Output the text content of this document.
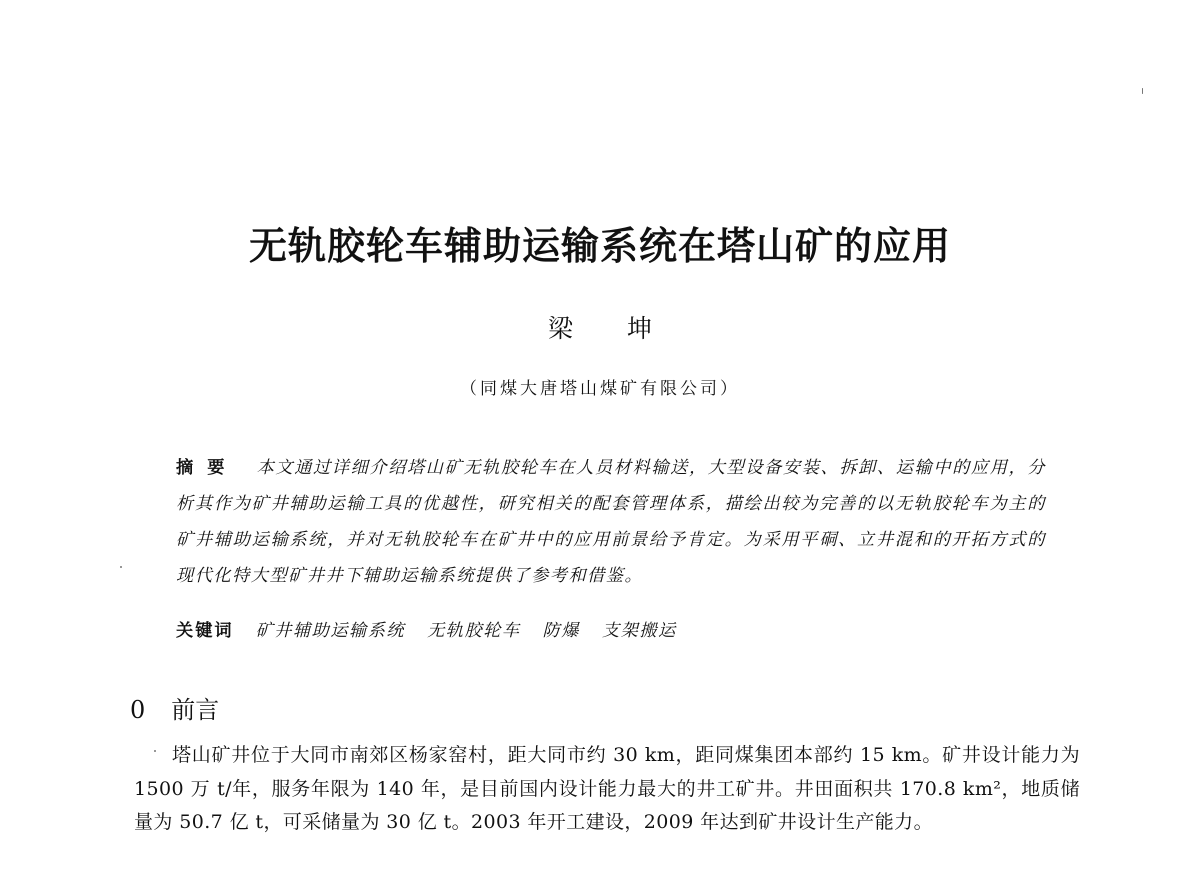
无轨胶轮车辅助运输系统在塔山矿的应用
梁 坤
（同煤大唐塔山煤矿有限公司）
摘要 本文通过详细介绍塔山矿无轨胶轮车在人员材料输送，大型设备安装、拆卸、运输中的应用，分析其作为矿井辅助运输工具的优越性，研究相关的配套管理体系，描绘出较为完善的以无轨胶轮车为主的矿井辅助运输系统，并对无轨胶轮车在矿井中的应用前景给予肯定。为采用平硐、立井混和的开拓方式的现代化特大型矿井井下辅助运输系统提供了参考和借鉴。
关键词 矿井辅助运输系统 无轨胶轮车 防爆 支架搬运
0 前言
塔山矿井位于大同市南郊区杨家窑村，距大同市约 30 km，距同煤集团本部约 15 km。矿井设计能力为 1500 万 t/年，服务年限为 140 年，是目前国内设计能力最大的井工矿井。井田面积共 170.8 km²，地质储量为 50.7 亿 t，可采储量为 30 亿 t。2003 年开工建设，2009 年达到矿井设计生产能力。
